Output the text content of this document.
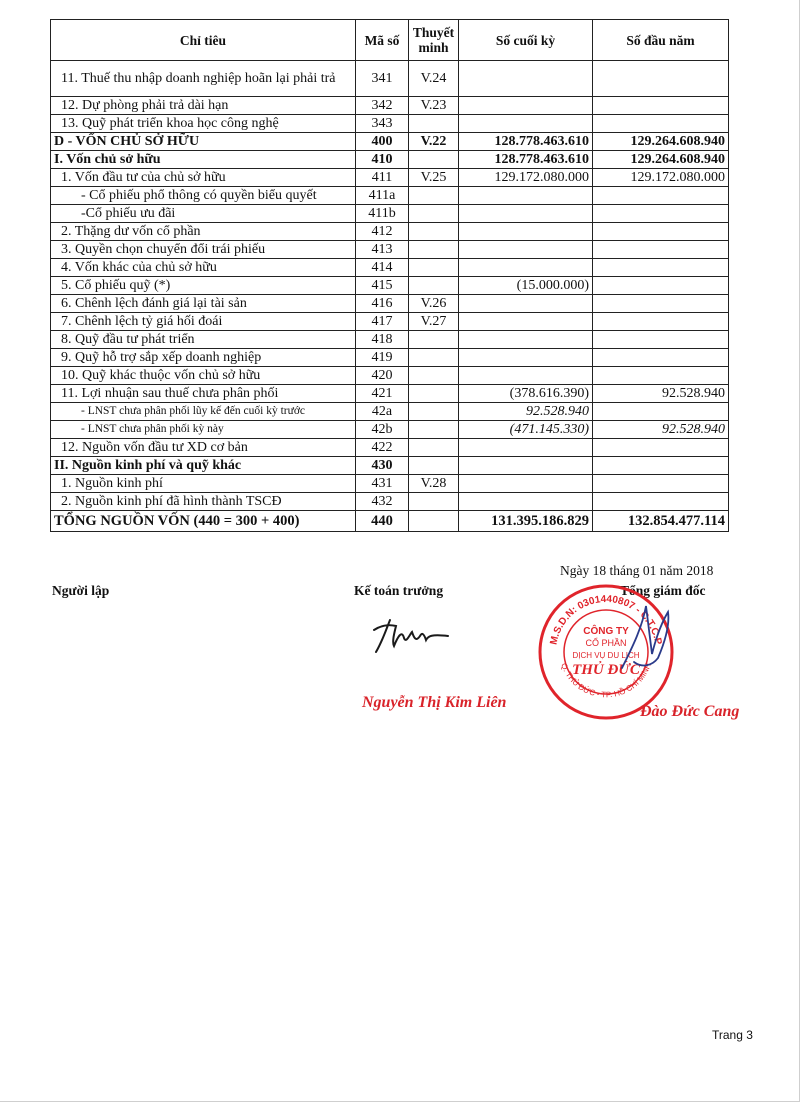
Chỉ tiêu	Mã số	Thuyết minh	Số cuối kỳ	Số đầu năm
11. Thuế thu nhập doanh nghiệp hoãn lại phải trả	341	V.24		
12. Dự phòng phải trả dài hạn	342	V.23		
13. Quỹ phát triển khoa học công nghệ	343			
D - VỐN CHỦ SỞ HỮU	400	V.22	128.778.463.610	129.264.608.940
I. Vốn chủ sở hữu	410		128.778.463.610	129.264.608.940
1. Vốn đầu tư của chủ sở hữu	411	V.25	129.172.080.000	129.172.080.000
- Cổ phiếu phổ thông có quyền biểu quyết	411a			
-Cổ phiếu ưu đãi	411b			
2. Thặng dư vốn cổ phần	412			
3. Quyền chọn chuyển đổi trái phiếu	413			
4. Vốn khác của chủ sở hữu	414			
5. Cổ phiếu quỹ (*)	415		(15.000.000)	
6. Chênh lệch đánh giá lại tài sản	416	V.26		
7. Chênh lệch tỷ giá hối đoái	417	V.27		
8. Quỹ đầu tư phát triển	418			
9. Quỹ hỗ trợ sắp xếp doanh nghiệp	419			
10. Quỹ khác thuộc vốn chủ sở hữu	420			
11. Lợi nhuận sau thuế chưa phân phối	421		(378.616.390)	92.528.940
- LNST chưa phân phối lũy kế đến cuối kỳ trước	42a		92.528.940	
- LNST chưa phân phối kỳ này	42b		(471.145.330)	92.528.940
12. Nguồn vốn đầu tư XD cơ bản	422			
II. Nguồn kinh phí và quỹ khác	430			
1. Nguồn kinh phí	431	V.28		
2. Nguồn kinh phí đã hình thành TSCĐ	432			
TỔNG NGUỒN VỐN (440 = 300 + 400)	440		131.395.186.829	132.854.477.114
Ngày 18 tháng 01 năm 2018
Người lập	Kế toán trưởng	Tổng giám đốc
M.S.D.N: 0301440807 - C.T.C.P
Q. THỦ ĐỨC - TP. HỒ CHÍ MINH
CÔNG TY
CỔ PHẦN
DỊCH VỤ DU LỊCH
THỦ ĐỨC
Nguyễn Thị Kim Liên
Đào Đức Cang
Trang 3
